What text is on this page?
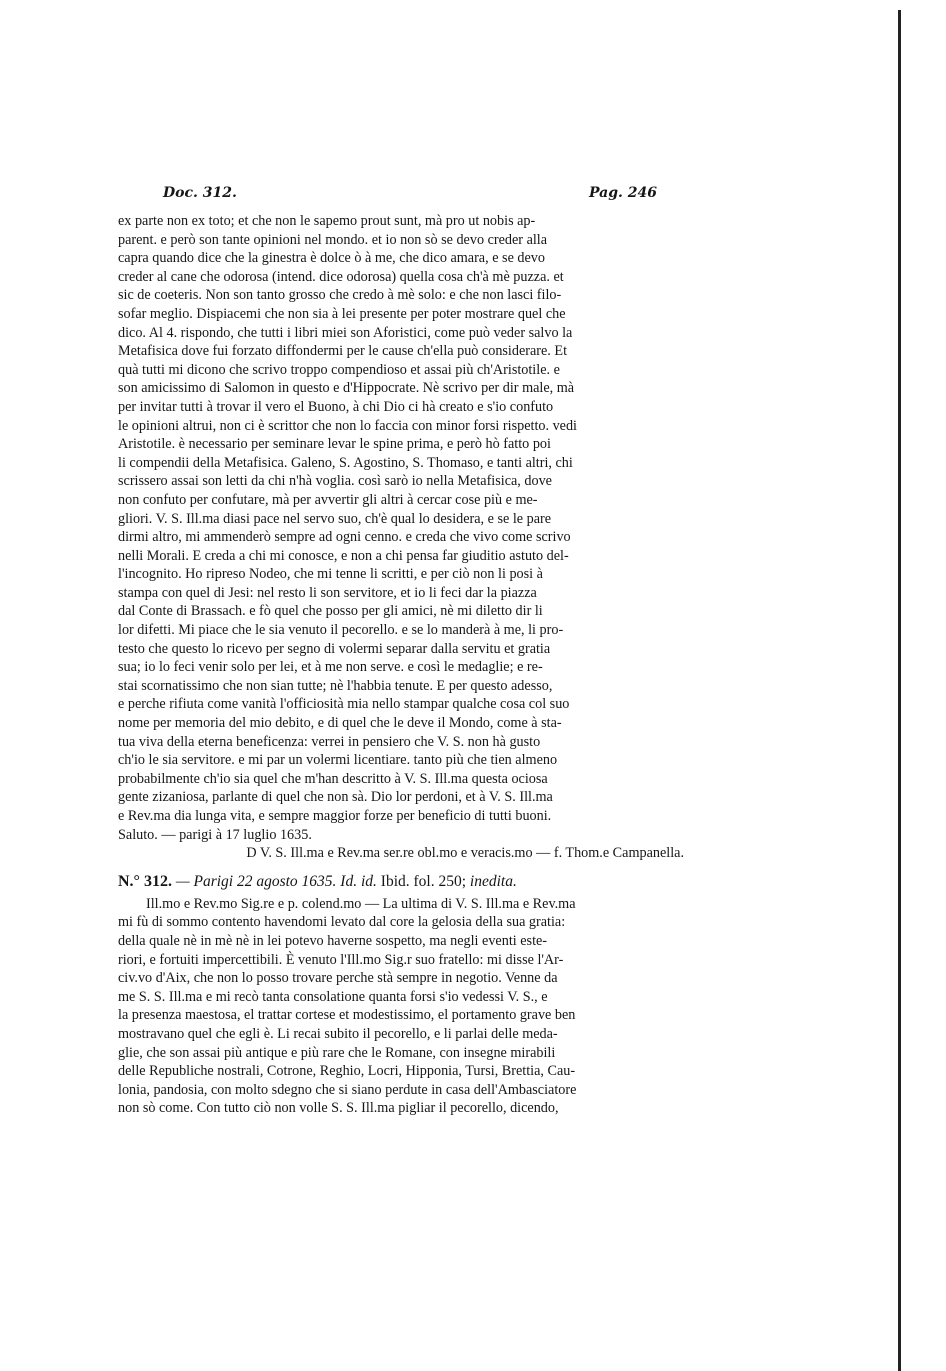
Doc. 312.	Pag. 246
ex parte non ex toto; et che non le sapemo prout sunt, mà pro ut nobis ap-
parent. e però son tante opinioni nel mondo. et io non sò se devo creder alla
capra quando dice che la ginestra è dolce ò à me, che dico amara, e se devo
creder al cane che odorosa (intend. dice odorosa) quella cosa ch'à mè puzza. et
sic de coeteris. Non son tanto grosso che credo à mè solo: e che non lasci filo-
sofar meglio. Dispiacemi che non sia à lei presente per poter mostrare quel che
dico. Al 4. rispondo, che tutti i libri miei son Aforistici, come può veder salvo la
Metafisica dove fui forzato diffondermi per le cause ch'ella può considerare. Et
quà tutti mi dicono che scrivo troppo compendioso et assai più ch'Aristotile. e
son amicissimo di Salomon in questo e d'Hippocrate. Nè scrivo per dir male, mà
per invitar tutti à trovar il vero el Buono, à chi Dio ci hà creato e s'io confuto
le opinioni altrui, non ci è scrittor che non lo faccia con minor forsi rispetto. vedi
Aristotile. è necessario per seminare levar le spine prima, e però hò fatto poi
li compendii della Metafisica. Galeno, S. Agostino, S. Thomaso, e tanti altri, chi
scrissero assai son letti da chi n'hà voglia. così sarò io nella Metafisica, dove
non confuto per confutare, mà per avvertir gli altri à cercar cose più e me-
gliori. V. S. Ill.ma diasi pace nel servo suo, ch'è qual lo desidera, e se le pare
dirmi altro, mi ammenderò sempre ad ogni cenno. e creda che vivo come scrivo
nelli Morali. E creda a chi mi conosce, e non a chi pensa far giuditio astuto del-
l'incognito. Ho ripreso Nodeo, che mi tenne li scritti, e per ciò non li posi à
stampa con quel di Jesi: nel resto li son servitore, et io li feci dar la piazza
dal Conte di Brassach. e fò quel che posso per gli amici, nè mi diletto dir li
lor difetti. Mi piace che le sia venuto il pecorello. e se lo manderà à me, li pro-
testo che questo lo ricevo per segno di volermi separar dalla servitu et gratia
sua; io lo feci venir solo per lei, et à me non serve. e così le medaglie; e re-
stai scornatissimo che non sian tutte; nè l'habbia tenute. E per questo adesso,
e perche rifiuta come vanità l'officiosità mia nello stampar qualche cosa col suo
nome per memoria del mio debito, e di quel che le deve il Mondo, come à sta-
tua viva della eterna beneficenza: verrei in pensiero che V. S. non hà gusto
ch'io le sia servitore. e mi par un volermi licentiare. tanto più che tien almeno
probabilmente ch'io sia quel che m'han descritto à V. S. Ill.ma questa ociosa
gente zizaniosa, parlante di quel che non sà. Dio lor perdoni, et à V. S. Ill.ma
e Rev.ma dia lunga vita, e sempre maggior forze per beneficio di tutti buoni.
Saluto. — parigi à 17 luglio 1635.
D V. S. Ill.ma e Rev.ma ser.re obl.mo e veracis.mo — f. Thom.e Campanella.
N.° 312. — Parigi 22 agosto 1635. Id. id. Ibid. fol. 250; inedita.
Ill.mo e Rev.mo Sig.re e p. colend.mo — La ultima di V. S. Ill.ma e Rev.ma
mi fù di sommo contento havendomi levato dal core la gelosia della sua gratia:
della quale nè in mè nè in lei potevo haverne sospetto, ma negli eventi este-
riori, e fortuiti impercettibili. È venuto l'Ill.mo Sig.r suo fratello: mi disse l'Ar-
civ.vo d'Aix, che non lo posso trovare perche stà sempre in negotio. Venne da
me S. S. Ill.ma e mi recò tanta consolatione quanta forsi s'io vedessi V. S., e
la presenza maestosa, el trattar cortese et modestissimo, el portamento grave ben
mostravano quel che egli è. Li recai subito il pecorello, e li parlai delle meda-
glie, che son assai più antique e più rare che le Romane, con insegne mirabili
delle Republiche nostrali, Cotrone, Reghio, Locri, Hipponia, Tursi, Brettia, Cau-
lonia, pandosia, con molto sdegno che si siano perdute in casa dell'Ambasciatore
non sò come. Con tutto ciò non volle S. S. Ill.ma pigliar il pecorello, dicendo,
